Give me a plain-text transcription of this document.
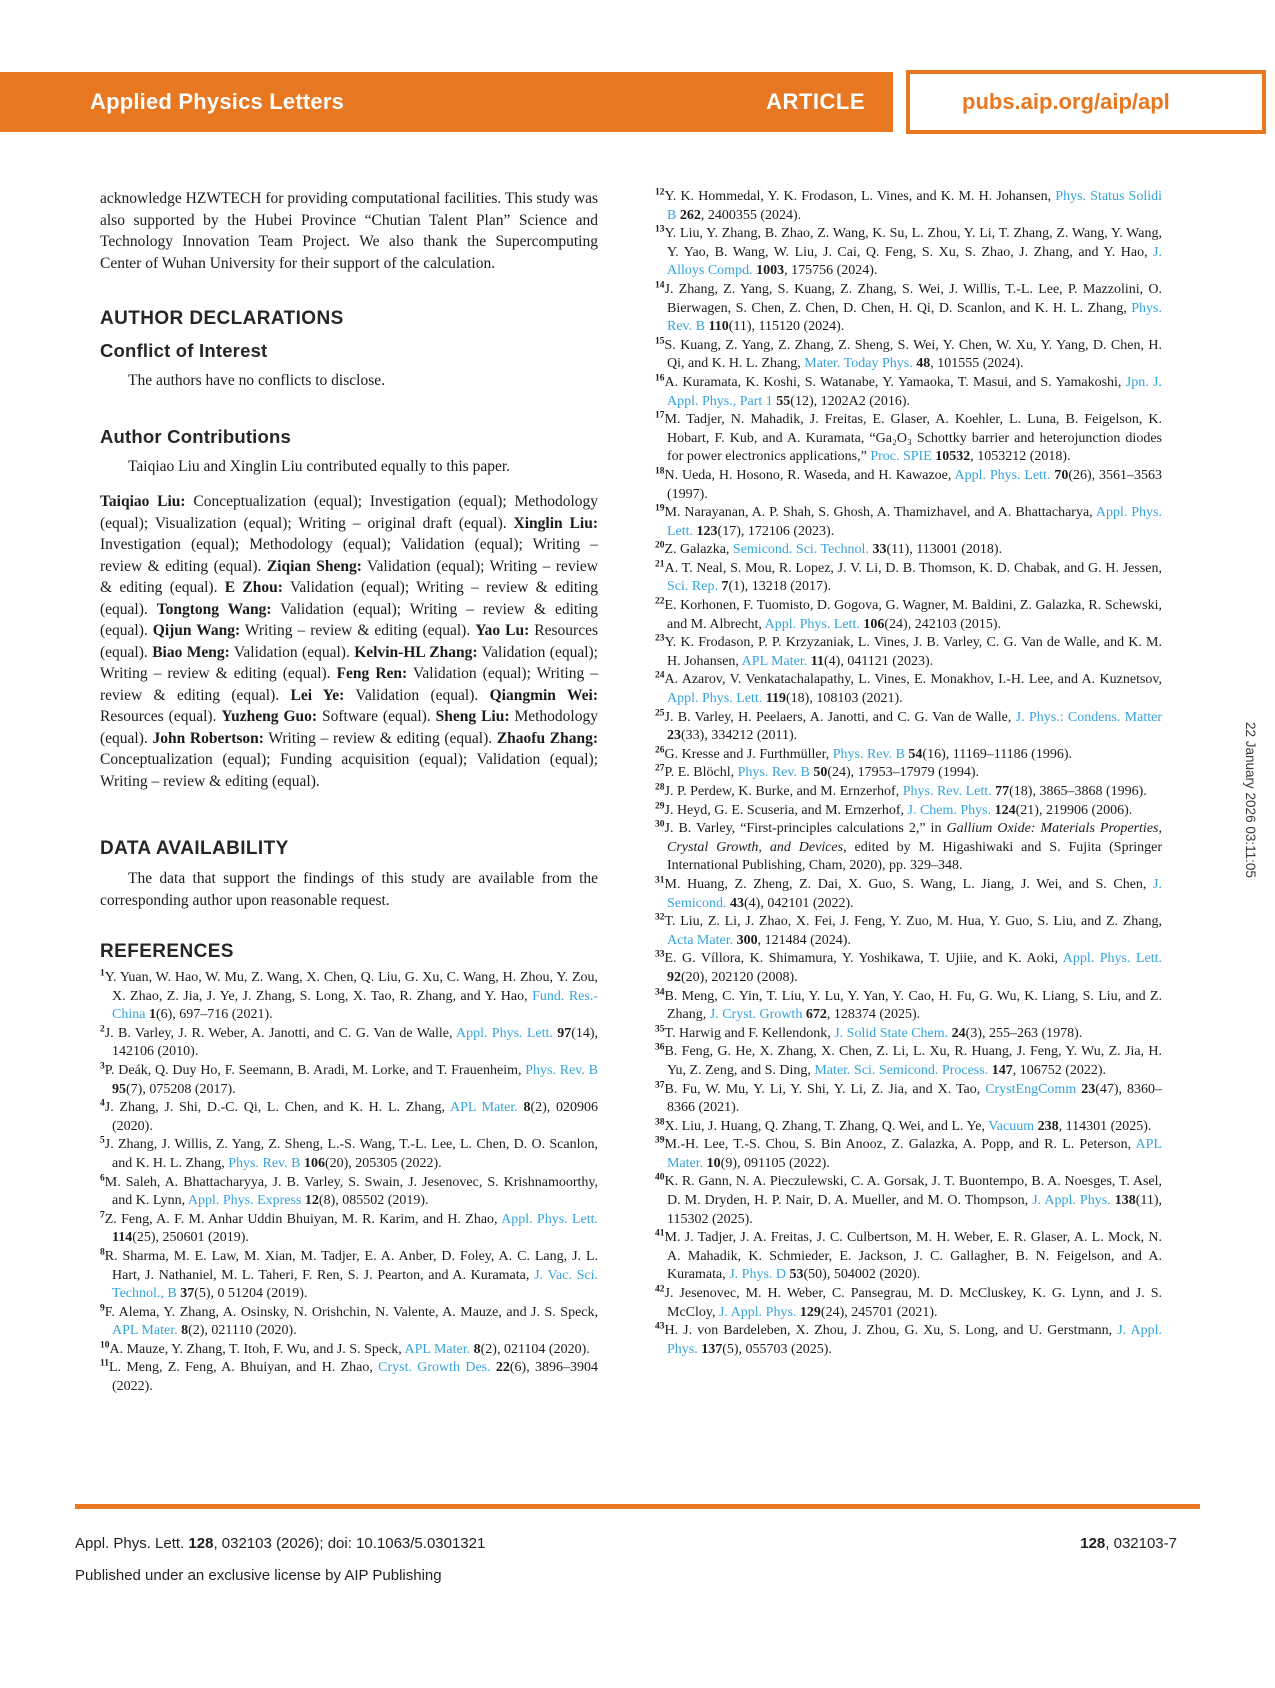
Applied Physics Letters	ARTICLE	pubs.aip.org/aip/apl

acknowledge HZWTECH for providing computational facilities. This study was also supported by the Hubei Province “Chutian Talent Plan” Science and Technology Innovation Team Project. We also thank the Supercomputing Center of Wuhan University for their support of the calculation.

AUTHOR DECLARATIONS
Conflict of Interest

The authors have no conflicts to disclose.

Author Contributions

Taiqiao Liu and Xinglin Liu contributed equally to this paper.

Taiqiao Liu: Conceptualization (equal); Investigation (equal); Methodology (equal); Visualization (equal); Writing – original draft (equal). Xinglin Liu: Investigation (equal); Methodology (equal); Validation (equal); Writing – review & editing (equal). Ziqian Sheng: Validation (equal); Writing – review & editing (equal). E Zhou: Validation (equal); Writing – review & editing (equal). Tongtong Wang: Validation (equal); Writing – review & editing (equal). Qijun Wang: Writing – review & editing (equal). Yao Lu: Resources (equal). Biao Meng: Validation (equal). Kelvin-HL Zhang: Validation (equal); Writing – review & editing (equal). Feng Ren: Validation (equal); Writing – review & editing (equal). Lei Ye: Validation (equal). Qiangmin Wei: Resources (equal). Yuzheng Guo: Software (equal). Sheng Liu: Methodology (equal). John Robertson: Writing – review & editing (equal). Zhaofu Zhang: Conceptualization (equal); Funding acquisition (equal); Validation (equal); Writing – review & editing (equal).

DATA AVAILABILITY

The data that support the findings of this study are available from the corresponding author upon reasonable request.

REFERENCES
$^1$Y. Yuan, W. Hao, W. Mu, Z. Wang, X. Chen, Q. Liu, G. Xu, C. Wang, H. Zhou, Y. Zou, X. Zhao, Z. Jia, J. Ye, J. Zhang, S. Long, X. Tao, R. Zhang, and Y. Hao, Fund. Res.-China 1(6), 697–716 (2021).
$^2$J. B. Varley, J. R. Weber, A. Janotti, and C. G. Van de Walle, Appl. Phys. Lett. 97(14), 142106 (2010).
$^3$P. Deák, Q. Duy Ho, F. Seemann, B. Aradi, M. Lorke, and T. Frauenheim, Phys. Rev. B 95(7), 075208 (2017).
$^4$J. Zhang, J. Shi, D.-C. Qi, L. Chen, and K. H. L. Zhang, APL Mater. 8(2), 020906 (2020).
$^5$J. Zhang, J. Willis, Z. Yang, Z. Sheng, L.-S. Wang, T.-L. Lee, L. Chen, D. O. Scanlon, and K. H. L. Zhang, Phys. Rev. B 106(20), 205305 (2022).
$^6$M. Saleh, A. Bhattacharyya, J. B. Varley, S. Swain, J. Jesenovec, S. Krishnamoorthy, and K. Lynn, Appl. Phys. Express 12(8), 085502 (2019).
$^7$Z. Feng, A. F. M. Anhar Uddin Bhuiyan, M. R. Karim, and H. Zhao, Appl. Phys. Lett. 114(25), 250601 (2019).
$^8$R. Sharma, M. E. Law, M. Xian, M. Tadjer, E. A. Anber, D. Foley, A. C. Lang, J. L. Hart, J. Nathaniel, M. L. Taheri, F. Ren, S. J. Pearton, and A. Kuramata, J. Vac. Sci. Technol., B 37(5), 0 51204 (2019).
$^9$F. Alema, Y. Zhang, A. Osinsky, N. Orishchin, N. Valente, A. Mauze, and J. S. Speck, APL Mater. 8(2), 021110 (2020).
$^{10}$A. Mauze, Y. Zhang, T. Itoh, F. Wu, and J. S. Speck, APL Mater. 8(2), 021104 (2020).
$^{11}$L. Meng, Z. Feng, A. Bhuiyan, and H. Zhao, Cryst. Growth Des. 22(6), 3896–3904 (2022).
$^{12}$Y. K. Hommedal, Y. K. Frodason, L. Vines, and K. M. H. Johansen, Phys. Status Solidi B 262, 2400355 (2024).
$^{13}$Y. Liu, Y. Zhang, B. Zhao, Z. Wang, K. Su, L. Zhou, Y. Li, T. Zhang, Z. Wang, Y. Wang, Y. Yao, B. Wang, W. Liu, J. Cai, Q. Feng, S. Xu, S. Zhao, J. Zhang, and Y. Hao, J. Alloys Compd. 1003, 175756 (2024).
$^{14}$J. Zhang, Z. Yang, S. Kuang, Z. Zhang, S. Wei, J. Willis, T.-L. Lee, P. Mazzolini, O. Bierwagen, S. Chen, Z. Chen, D. Chen, H. Qi, D. Scanlon, and K. H. L. Zhang, Phys. Rev. B 110(11), 115120 (2024).
$^{15}$S. Kuang, Z. Yang, Z. Zhang, Z. Sheng, S. Wei, Y. Chen, W. Xu, Y. Yang, D. Chen, H. Qi, and K. H. L. Zhang, Mater. Today Phys. 48, 101555 (2024).
$^{16}$A. Kuramata, K. Koshi, S. Watanabe, Y. Yamaoka, T. Masui, and S. Yamakoshi, Jpn. J. Appl. Phys., Part 1 55(12), 1202A2 (2016).
$^{17}$M. Tadjer, N. Mahadik, J. Freitas, E. Glaser, A. Koehler, L. Luna, B. Feigelson, K. Hobart, F. Kub, and A. Kuramata, “Ga₂O₃ Schottky barrier and heterojunction diodes for power electronics applications,” Proc. SPIE 10532, 1053212 (2018).
$^{18}$N. Ueda, H. Hosono, R. Waseda, and H. Kawazoe, Appl. Phys. Lett. 70(26), 3561–3563 (1997).
$^{19}$M. Narayanan, A. P. Shah, S. Ghosh, A. Thamizhavel, and A. Bhattacharya, Appl. Phys. Lett. 123(17), 172106 (2023).
$^{20}$Z. Galazka, Semicond. Sci. Technol. 33(11), 113001 (2018).
$^{21}$A. T. Neal, S. Mou, R. Lopez, J. V. Li, D. B. Thomson, K. D. Chabak, and G. H. Jessen, Sci. Rep. 7(1), 13218 (2017).
$^{22}$E. Korhonen, F. Tuomisto, D. Gogova, G. Wagner, M. Baldini, Z. Galazka, R. Schewski, and M. Albrecht, Appl. Phys. Lett. 106(24), 242103 (2015).
$^{23}$Y. K. Frodason, P. P. Krzyzaniak, L. Vines, J. B. Varley, C. G. Van de Walle, and K. M. H. Johansen, APL Mater. 11(4), 041121 (2023).
$^{24}$A. Azarov, V. Venkatachalapathy, L. Vines, E. Monakhov, I.-H. Lee, and A. Kuznetsov, Appl. Phys. Lett. 119(18), 108103 (2021).
$^{25}$J. B. Varley, H. Peelaers, A. Janotti, and C. G. Van de Walle, J. Phys.: Condens. Matter 23(33), 334212 (2011).
$^{26}$G. Kresse and J. Furthmüller, Phys. Rev. B 54(16), 11169–11186 (1996).
$^{27}$P. E. Blöchl, Phys. Rev. B 50(24), 17953–17979 (1994).
$^{28}$J. P. Perdew, K. Burke, and M. Ernzerhof, Phys. Rev. Lett. 77(18), 3865–3868 (1996).
$^{29}$J. Heyd, G. E. Scuseria, and M. Ernzerhof, J. Chem. Phys. 124(21), 219906 (2006).
$^{30}$J. B. Varley, “First-principles calculations 2,” in Gallium Oxide: Materials Properties, Crystal Growth, and Devices, edited by M. Higashiwaki and S. Fujita (Springer International Publishing, Cham, 2020), pp. 329–348.
$^{31}$M. Huang, Z. Zheng, Z. Dai, X. Guo, S. Wang, L. Jiang, J. Wei, and S. Chen, J. Semicond. 43(4), 042101 (2022).
$^{32}$T. Liu, Z. Li, J. Zhao, X. Fei, J. Feng, Y. Zuo, M. Hua, Y. Guo, S. Liu, and Z. Zhang, Acta Mater. 300, 121484 (2024).
$^{33}$E. G. Víllora, K. Shimamura, Y. Yoshikawa, T. Ujiie, and K. Aoki, Appl. Phys. Lett. 92(20), 202120 (2008).
$^{34}$B. Meng, C. Yin, T. Liu, Y. Lu, Y. Yan, Y. Cao, H. Fu, G. Wu, K. Liang, S. Liu, and Z. Zhang, J. Cryst. Growth 672, 128374 (2025).
$^{35}$T. Harwig and F. Kellendonk, J. Solid State Chem. 24(3), 255–263 (1978).
$^{36}$B. Feng, G. He, X. Zhang, X. Chen, Z. Li, L. Xu, R. Huang, J. Feng, Y. Wu, Z. Jia, H. Yu, Z. Zeng, and S. Ding, Mater. Sci. Semicond. Process. 147, 106752 (2022).
$^{37}$B. Fu, W. Mu, Y. Li, Y. Shi, Y. Li, Z. Jia, and X. Tao, CrystEngComm 23(47), 8360–8366 (2021).
$^{38}$X. Liu, J. Huang, Q. Zhang, T. Zhang, Q. Wei, and L. Ye, Vacuum 238, 114301 (2025).
$^{39}$M.-H. Lee, T.-S. Chou, S. Bin Anooz, Z. Galazka, A. Popp, and R. L. Peterson, APL Mater. 10(9), 091105 (2022).
$^{40}$K. R. Gann, N. A. Pieczulewski, C. A. Gorsak, J. T. Buontempo, B. A. Noesges, T. Asel, D. M. Dryden, H. P. Nair, D. A. Mueller, and M. O. Thompson, J. Appl. Phys. 138(11), 115302 (2025).
$^{41}$M. J. Tadjer, J. A. Freitas, J. C. Culbertson, M. H. Weber, E. R. Glaser, A. L. Mock, N. A. Mahadik, K. Schmieder, E. Jackson, J. C. Gallagher, B. N. Feigelson, and A. Kuramata, J. Phys. D 53(50), 504002 (2020).
$^{42}$J. Jesenovec, M. H. Weber, C. Pansegrau, M. D. McCluskey, K. G. Lynn, and J. S. McCloy, J. Appl. Phys. 129(24), 245701 (2021).
$^{43}$H. J. von Bardeleben, X. Zhou, J. Zhou, G. Xu, S. Long, and U. Gerstmann, J. Appl. Phys. 137(5), 055703 (2025).
22 January 2026 03:11:05
Appl. Phys. Lett. 128, 032103 (2026); doi: 10.1063/5.0301321
Published under an exclusive license by AIP Publishing
128, 032103-7
